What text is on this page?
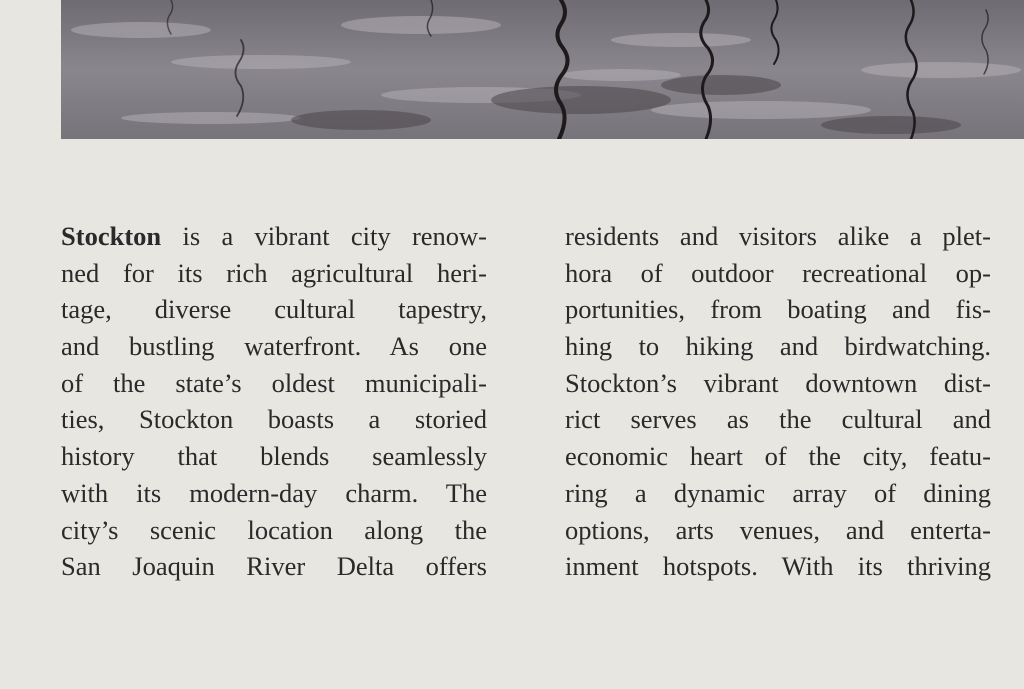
Stockton is a vibrant city renow-
ned for its rich agricultural heri-
tage, diverse cultural tapestry,
and bustling waterfront. As one
of the state’s oldest municipali-
ties, Stockton boasts a storied
history that blends seamlessly
with its modern-day charm. The
city’s scenic location along the
San Joaquin River Delta offers
residents and visitors alike a plet-
hora of outdoor recreational op-
portunities, from boating and fis-
hing to hiking and birdwatching.
Stockton’s vibrant downtown dist-
rict serves as the cultural and
economic heart of the city, featu-
ring a dynamic array of dining
options, arts venues, and enterta-
inment hotspots. With its thriving
